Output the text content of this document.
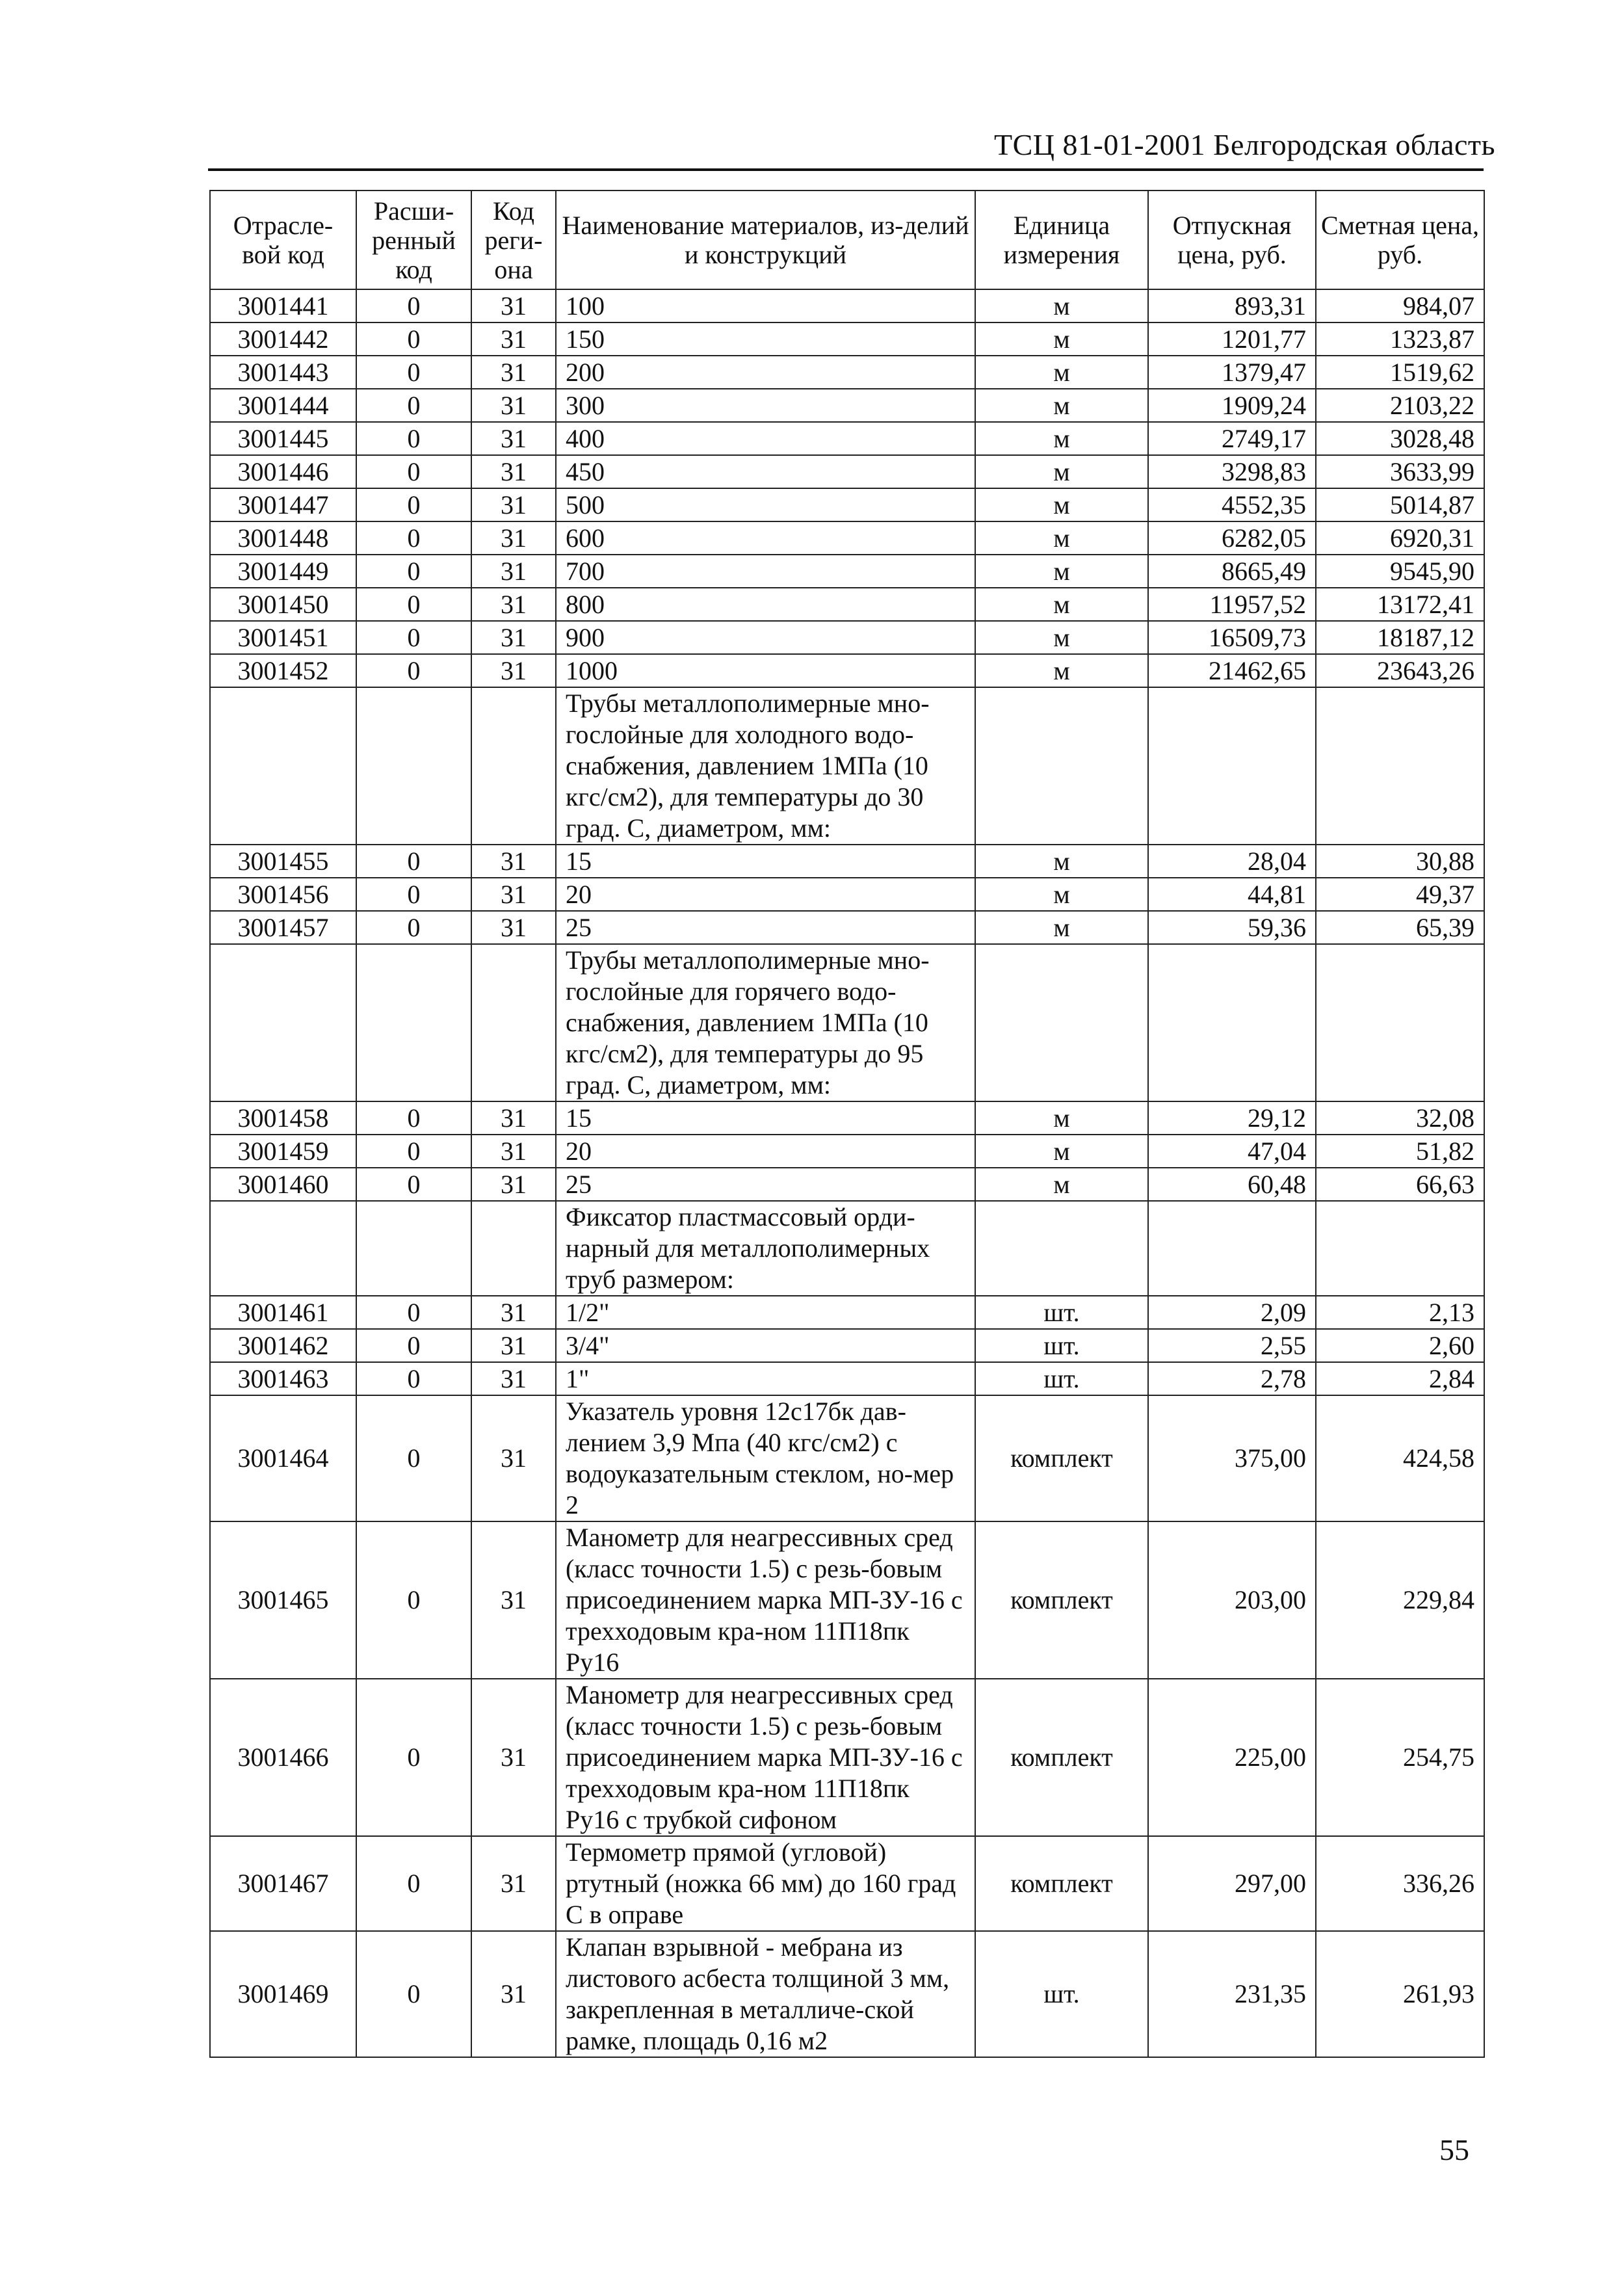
ТСЦ 81-01-2001 Белгородская область
Отрасле-вой код	Расши-ренный код	Код реги-она	Наименование материалов, из-делий и конструкций	Единица измерения	Отпускная цена, руб.	Сметная цена, руб.
3001441	0	31	100	м	893,31	984,07
3001442	0	31	150	м	1201,77	1323,87
3001443	0	31	200	м	1379,47	1519,62
3001444	0	31	300	м	1909,24	2103,22
3001445	0	31	400	м	2749,17	3028,48
3001446	0	31	450	м	3298,83	3633,99
3001447	0	31	500	м	4552,35	5014,87
3001448	0	31	600	м	6282,05	6920,31
3001449	0	31	700	м	8665,49	9545,90
3001450	0	31	800	м	11957,52	13172,41
3001451	0	31	900	м	16509,73	18187,12
3001452	0	31	1000	м	21462,65	23643,26
			Трубы металлополимерные мно-гослойные для холодного водо-снабжения, давлением 1МПа (10 кгс/см2), для температуры до 30 град. С, диаметром, мм:			
3001455	0	31	15	м	28,04	30,88
3001456	0	31	20	м	44,81	49,37
3001457	0	31	25	м	59,36	65,39
			Трубы металлополимерные мно-гослойные для горячего водо-снабжения, давлением 1МПа (10 кгс/см2), для температуры до 95 град. С, диаметром, мм:			
3001458	0	31	15	м	29,12	32,08
3001459	0	31	20	м	47,04	51,82
3001460	0	31	25	м	60,48	66,63
			Фиксатор пластмассовый орди-нарный для металлополимерных труб размером:			
3001461	0	31	1/2"	шт.	2,09	2,13
3001462	0	31	3/4"	шт.	2,55	2,60
3001463	0	31	1"	шт.	2,78	2,84
3001464	0	31	Указатель уровня 12с17бк дав-лением 3,9 Мпа (40 кгс/см2) с водоуказательным стеклом, но-мер 2	комплект	375,00	424,58
3001465	0	31	Манометр для неагрессивных сред (класс точности 1.5) с резь-бовым присоединением марка МП-ЗУ-16 с трехходовым кра-ном 11П18пк Ру16	комплект	203,00	229,84
3001466	0	31	Манометр для неагрессивных сред (класс точности 1.5) с резь-бовым присоединением марка МП-ЗУ-16 с трехходовым кра-ном 11П18пк Ру16 с трубкой сифоном	комплект	225,00	254,75
3001467	0	31	Термометр прямой (угловой) ртутный (ножка 66 мм) до 160 град С в оправе	комплект	297,00	336,26
3001469	0	31	Клапан взрывной - мебрана из листового асбеста толщиной 3 мм, закрепленная в металличе-ской рамке, площадь 0,16 м2	шт.	231,35	261,93
55
